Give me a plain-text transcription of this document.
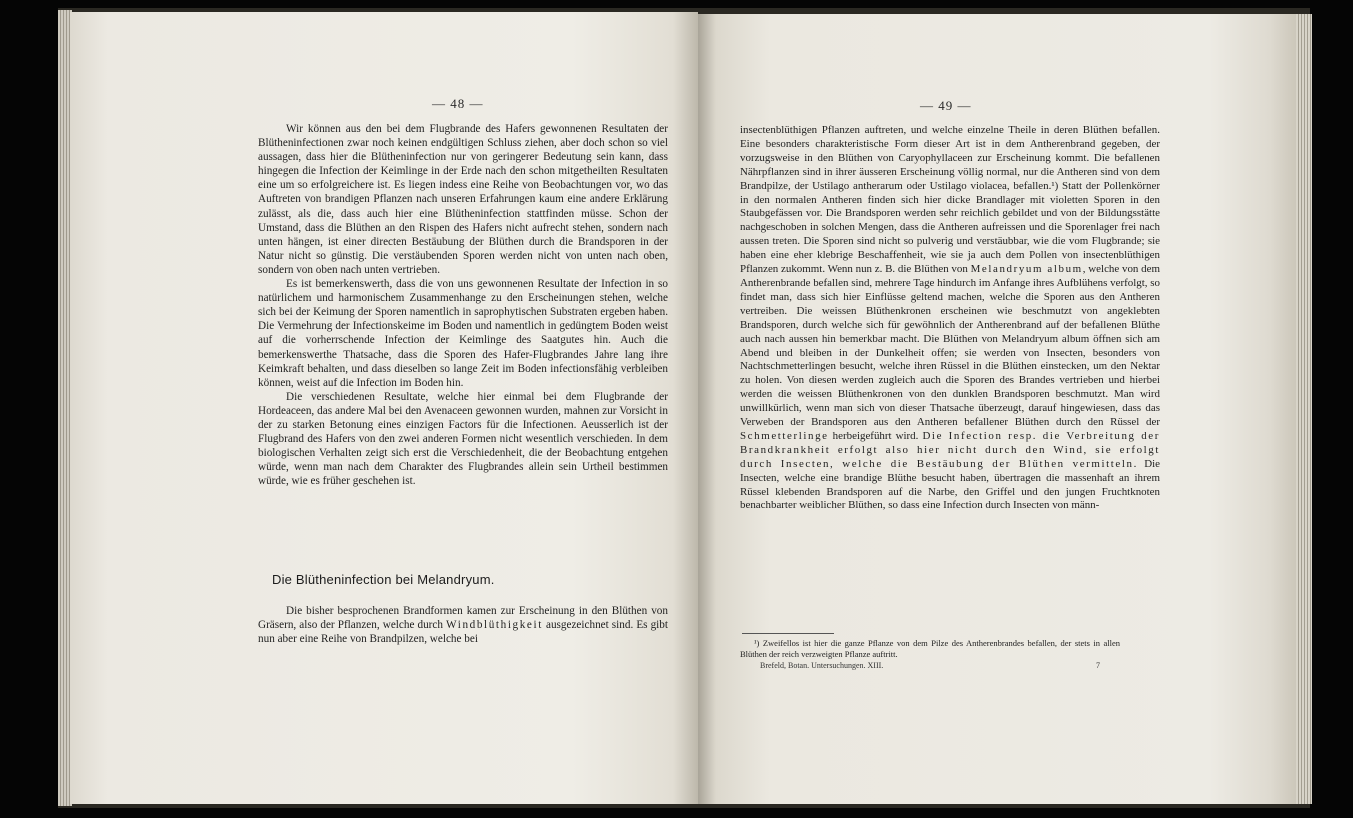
— 48 —

Wir können aus den bei dem Flugbrande des Hafers gewonnenen Resultaten der Blütheninfectionen zwar noch keinen endgültigen Schluss ziehen, aber doch schon so viel aussagen, dass hier die Blütheninfection nur von geringerer Bedeutung sein kann, dass hingegen die Infection der Keimlinge in der Erde nach den schon mitgetheilten Resultaten eine um so erfolgreichere ist. Es liegen indess eine Reihe von Beobachtungen vor, wo das Auftreten von brandigen Pflanzen nach unseren Erfahrungen kaum eine andere Erklärung zulässt, als die, dass auch hier eine Blütheninfection stattfinden müsse. Schon der Umstand, dass die Blüthen an den Rispen des Hafers nicht aufrecht stehen, sondern nach unten hängen, ist einer directen Bestäubung der Blüthen durch die Brandsporen in der Natur nicht so günstig. Die verstäubenden Sporen werden nicht von unten nach oben, sondern von oben nach unten vertrieben.

Es ist bemerkenswerth, dass die von uns gewonnenen Resultate der Infection in so natürlichem und harmonischem Zusammenhange zu den Erscheinungen stehen, welche sich bei der Keimung der Sporen namentlich in saprophytischen Substraten ergeben haben. Die Vermehrung der Infectionskeime im Boden und namentlich in gedüngtem Boden weist auf die vorherrschende Infection der Keimlinge des Saatgutes hin. Auch die bemerkenswerthe Thatsache, dass die Sporen des Hafer-Flugbrandes Jahre lang ihre Keimkraft behalten, und dass dieselben so lange Zeit im Boden infectionsfähig verbleiben können, weist auf die Infection im Boden hin.

Die verschiedenen Resultate, welche hier einmal bei dem Flugbrande der Hordeaceen, das andere Mal bei den Avenaceen gewonnen wurden, mahnen zur Vorsicht in der zu starken Betonung eines einzigen Factors für die Infectionen. Aeusserlich ist der Flugbrand des Hafers von den zwei anderen Formen nicht wesentlich verschieden. In dem biologischen Verhalten zeigt sich erst die Verschiedenheit, die der Beobachtung entgehen würde, wenn man nach dem Charakter des Flugbrandes allein sein Urtheil bestimmen würde, wie es früher geschehen ist.

Die Blütheninfection bei Melandryum.

Die bisher besprochenen Brandformen kamen zur Erscheinung in den Blüthen von Gräsern, also der Pflanzen, welche durch Windblüthigkeit ausgezeichnet sind. Es gibt nun aber eine Reihe von Brandpilzen, welche bei

— 49 —

insectenblüthigen Pflanzen auftreten, und welche einzelne Theile in deren Blüthen befallen. Eine besonders charakteristische Form dieser Art ist in dem Antherenbrand gegeben, der vorzugsweise in den Blüthen von Caryophyllaceen zur Erscheinung kommt. Die befallenen Nährpflanzen sind in ihrer äusseren Erscheinung völlig normal, nur die Antheren sind von dem Brandpilze, der Ustilago antherarum oder Ustilago violacea, befallen.¹) Statt der Pollenkörner in den normalen Antheren finden sich hier dicke Brandlager mit violetten Sporen in den Staubgefässen vor. Die Brandsporen werden sehr reichlich gebildet und von der Bildungsstätte nachgeschoben in solchen Mengen, dass die Antheren aufreissen und die Sporenlager frei nach aussen treten. Die Sporen sind nicht so pulverig und verstäubbar, wie die vom Flugbrande; sie haben eine eher klebrige Beschaffenheit, wie sie ja auch dem Pollen von insectenblüthigen Pflanzen zukommt. Wenn nun z. B. die Blüthen von Melandryum album, welche von dem Antherenbrande befallen sind, mehrere Tage hindurch im Anfange ihres Aufblühens verfolgt, so findet man, dass sich hier Einflüsse geltend machen, welche die Sporen aus den Antheren vertreiben. Die weissen Blüthenkronen erscheinen wie beschmutzt von angeklebten Brandsporen, durch welche sich für gewöhnlich der Antherenbrand auf der befallenen Blüthe auch nach aussen hin bemerkbar macht. Die Blüthen von Melandryum album öffnen sich am Abend und bleiben in der Dunkelheit offen; sie werden von Insecten, besonders von Nachtschmetterlingen besucht, welche ihren Rüssel in die Blüthen einstecken, um den Nektar zu holen. Von diesen werden zugleich auch die Sporen des Brandes vertrieben und hierbei werden die weissen Blüthenkronen von den dunklen Brandsporen beschmutzt. Man wird unwillkürlich, wenn man sich von dieser Thatsache überzeugt, darauf hingewiesen, dass das Verweben der Brandsporen aus den Antheren befallener Blüthen durch den Rüssel der Schmetterlinge herbeigeführt wird. Die Infection resp. die Verbreitung der Brandkrankheit erfolgt also hier nicht durch den Wind, sie erfolgt durch Insecten, welche die Bestäubung der Blüthen vermitteln. Die Insecten, welche eine brandige Blüthe besucht haben, übertragen die massenhaft an ihrem Rüssel klebenden Brandsporen auf die Narbe, den Griffel und den jungen Fruchtknoten benachbarter weiblicher Blüthen, so dass eine Infection durch Insecten von männ-

¹) Zweifellos ist hier die ganze Pflanze von dem Pilze des Antherenbrandes befallen, der stets in allen Blüthen der reich verzweigten Pflanze auftritt.

Brefeld, Botan. Untersuchungen. XIII.	7
